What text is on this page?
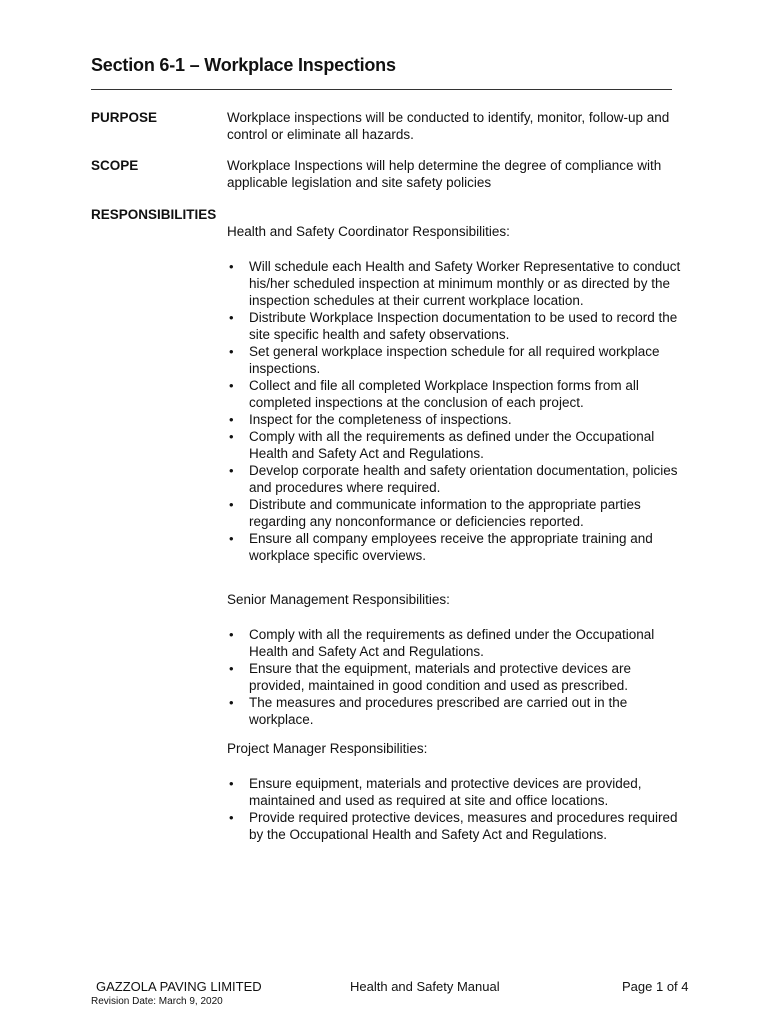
Section 6-1 – Workplace Inspections
PURPOSE	Workplace inspections will be conducted to identify, monitor, follow-up and control or eliminate all hazards.
SCOPE	Workplace Inspections will help determine the degree of compliance with applicable legislation and site safety policies
RESPONSIBILITIES
Health and Safety Coordinator Responsibilities:
• Will schedule each Health and Safety Worker Representative to conduct his/her scheduled inspection at minimum monthly or as directed by the inspection schedules at their current workplace location.
• Distribute Workplace Inspection documentation to be used to record the site specific health and safety observations.
• Set general workplace inspection schedule for all required workplace inspections.
• Collect and file all completed Workplace Inspection forms from all completed inspections at the conclusion of each project.
• Inspect for the completeness of inspections.
• Comply with all the requirements as defined under the Occupational Health and Safety Act and Regulations.
• Develop corporate health and safety orientation documentation, policies and procedures where required.
• Distribute and communicate information to the appropriate parties regarding any nonconformance or deficiencies reported.
• Ensure all company employees receive the appropriate training and workplace specific overviews.
Senior Management Responsibilities:
• Comply with all the requirements as defined under the Occupational Health and Safety Act and Regulations.
• Ensure that the equipment, materials and protective devices are provided, maintained in good condition and used as prescribed.
• The measures and procedures prescribed are carried out in the workplace.
Project Manager Responsibilities:
• Ensure equipment, materials and protective devices are provided, maintained and used as required at site and office locations.
• Provide required protective devices, measures and procedures required by the Occupational Health and Safety Act and Regulations.
GAZZOLA PAVING LIMITED	Health and Safety Manual	Page 1 of 4
Revision Date: March 9, 2020
